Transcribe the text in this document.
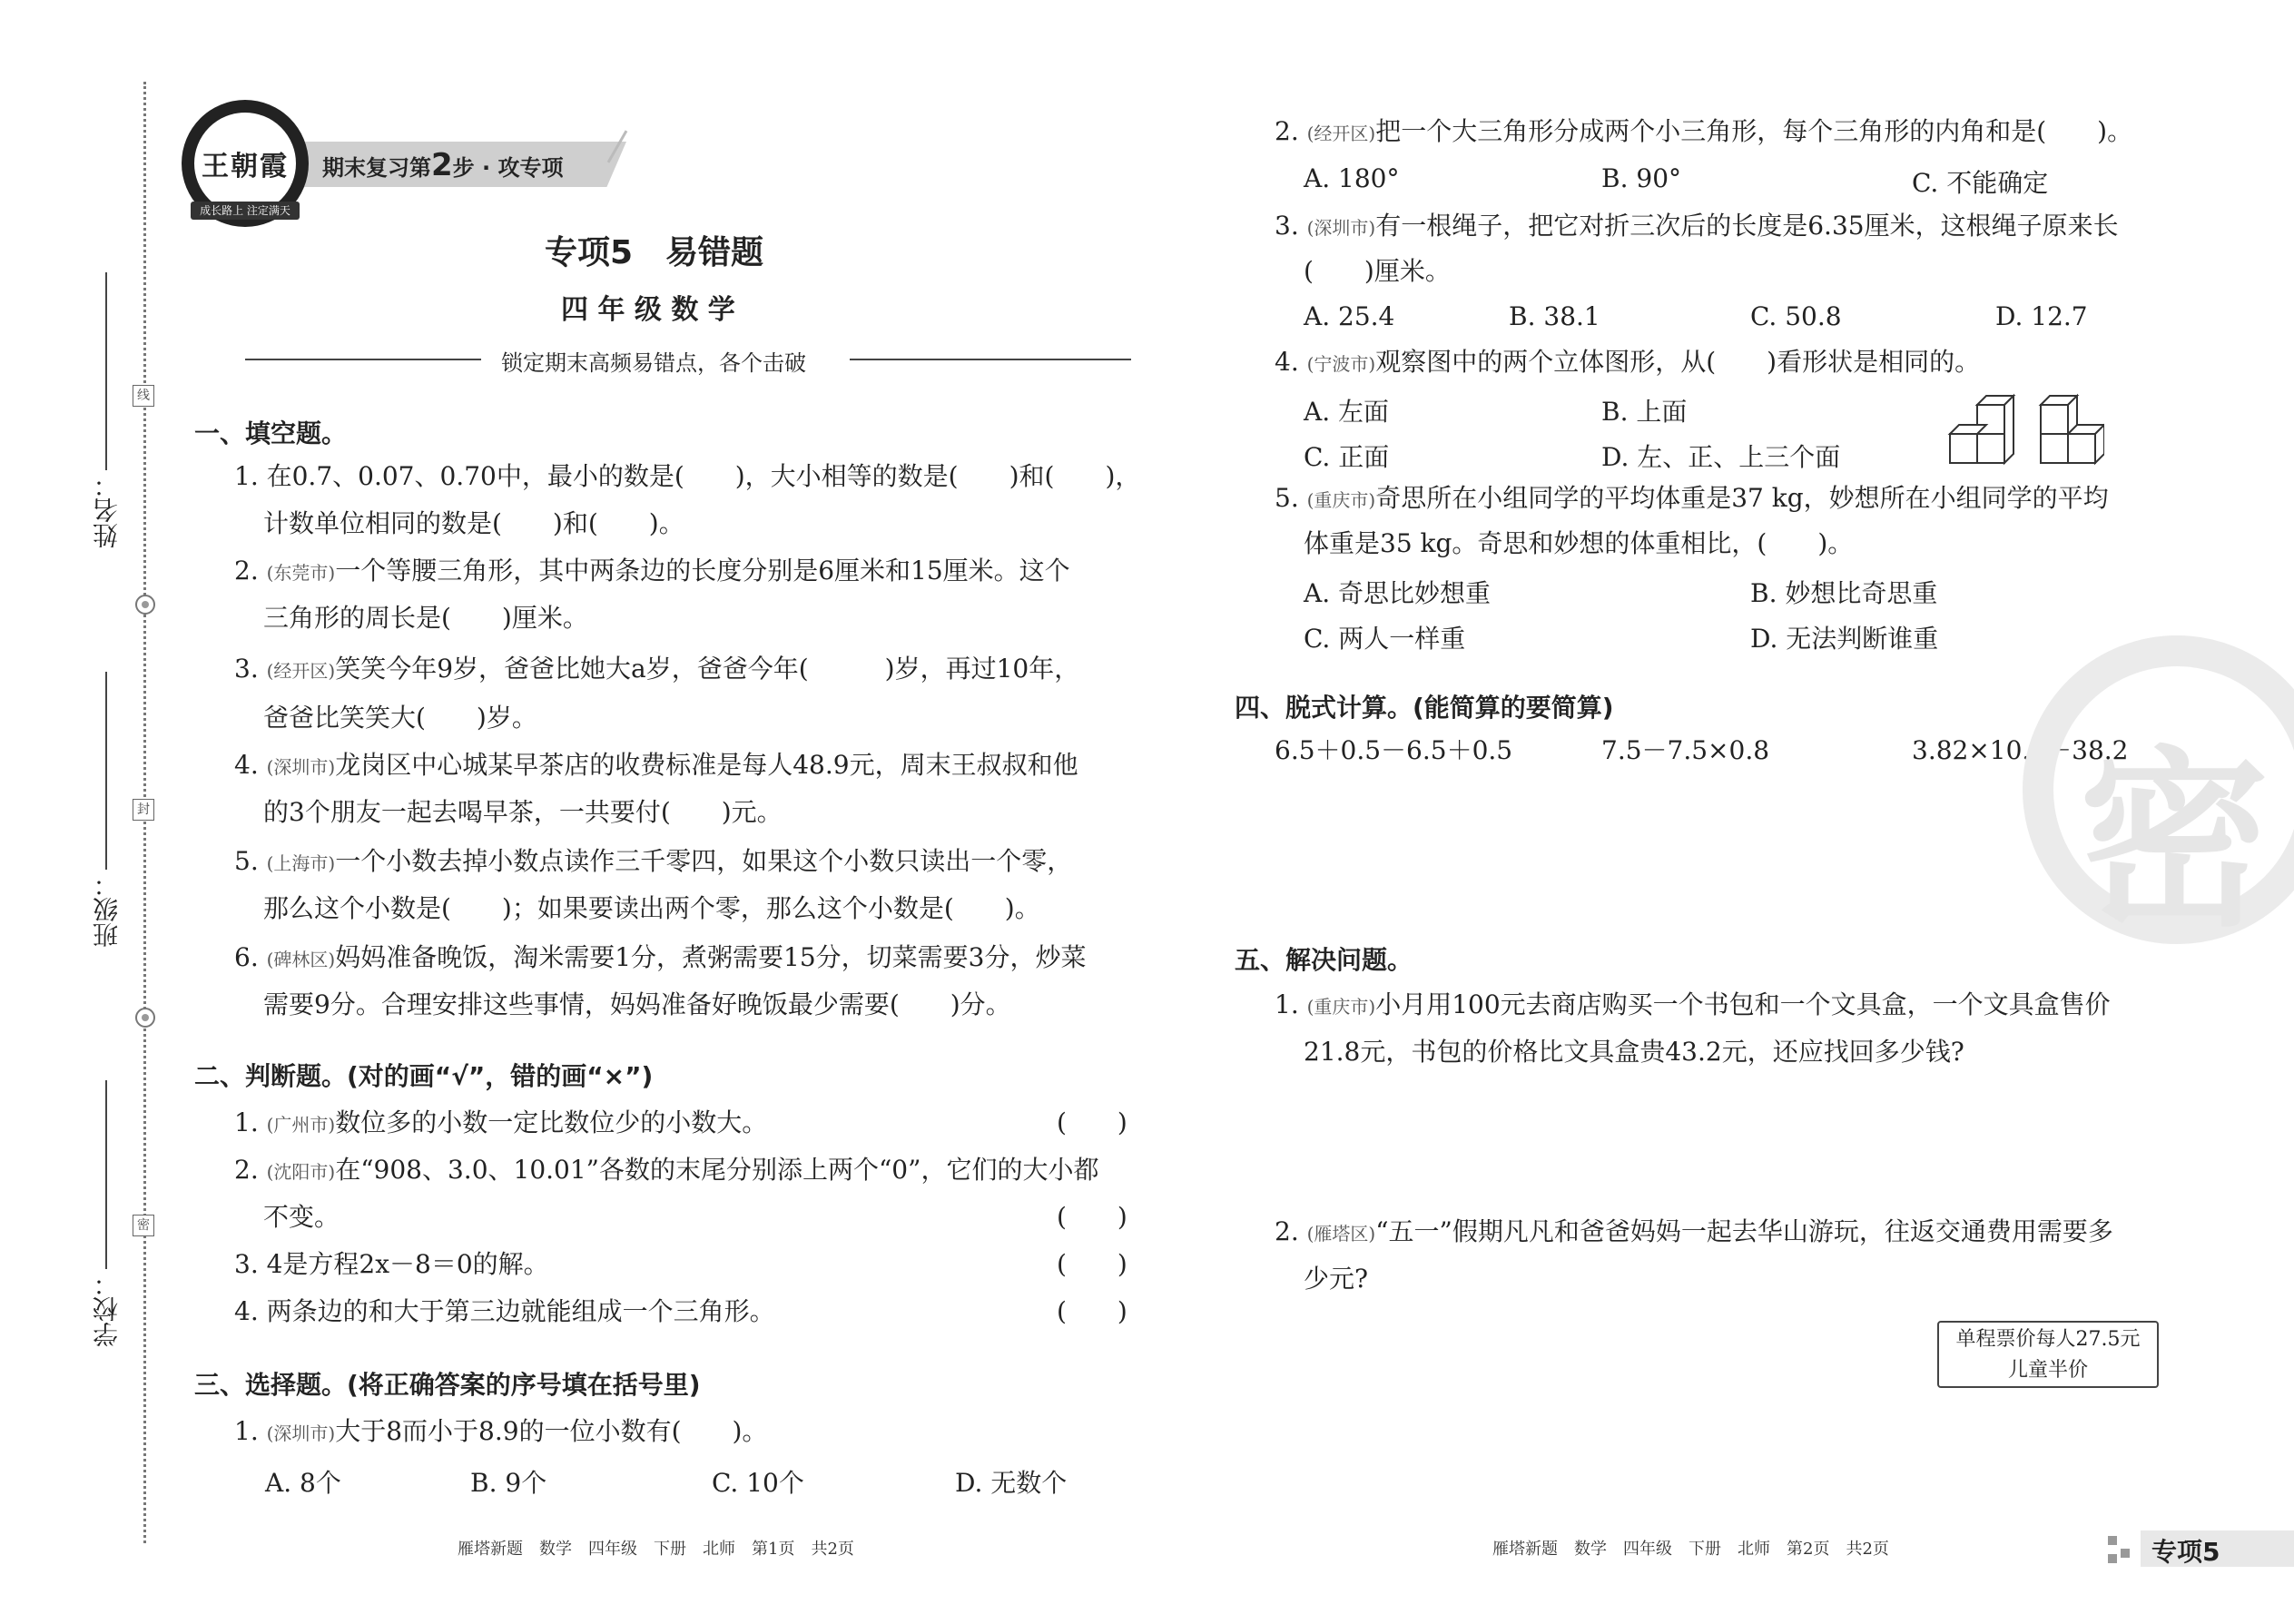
线
封
密
姓名：
班级：
学校：
期末复习第2步 · 攻专项
王朝霞
成长路上 注定满天
专项5　易错题
四 年 级 数 学
锁定期末高频易错点，各个击破
一、填空题。
1. 在0.7、0.07、0.70中，最小的数是(　　)，大小相等的数是(　　)和(　　)，
计数单位相同的数是(　　)和(　　)。
2. (东莞市)一个等腰三角形，其中两条边的长度分别是6厘米和15厘米。这个
三角形的周长是(　　)厘米。
3. (经开区)笑笑今年9岁，爸爸比她大a岁，爸爸今年(　　　)岁，再过10年，
爸爸比笑笑大(　　)岁。
4. (深圳市)龙岗区中心城某早茶店的收费标准是每人48.9元，周末王叔叔和他
的3个朋友一起去喝早茶，一共要付(　　)元。
5. (上海市)一个小数去掉小数点读作三千零四，如果这个小数只读出一个零，
那么这个小数是(　　)；如果要读出两个零，那么这个小数是(　　)。
6. (碑林区)妈妈准备晚饭，淘米需要1分，煮粥需要15分，切菜需要3分，炒菜
需要9分。合理安排这些事情，妈妈准备好晚饭最少需要(　　)分。
二、判断题。(对的画“√”，错的画“×”)
1. (广州市)数位多的小数一定比数位少的小数大。	(　　)
2. (沈阳市)在“908、3.0、10.01”各数的末尾分别添上两个“0”，它们的大小都
不变。	(　　)
3. 4是方程2x－8＝0的解。	(　　)
4. 两条边的和大于第三边就能组成一个三角形。	(　　)
三、选择题。(将正确答案的序号填在括号里)
1. (深圳市)大于8而小于8.9的一位小数有(　　)。
A. 8个	B. 9个	C. 10个	D. 无数个
雁塔新题　数学　四年级　下册　北师　第1页　共2页
2. (经开区)把一个大三角形分成两个小三角形，每个三角形的内角和是(　　)。
A. 180°	B. 90°	C. 不能确定
3. (深圳市)有一根绳子，把它对折三次后的长度是6.35厘米，这根绳子原来长
(　　)厘米。
A. 25.4	B. 38.1	C. 50.8	D. 12.7
4. (宁波市)观察图中的两个立体图形，从(　　)看形状是相同的。
A. 左面	B. 上面
C. 正面	D. 左、正、上三个面
5. (重庆市)奇思所在小组同学的平均体重是37 kg，妙想所在小组同学的平均
体重是35 kg。奇思和妙想的体重相比，(　　)。
A. 奇思比妙想重	B. 妙想比奇思重
C. 两人一样重	D. 无法判断谁重
四、脱式计算。(能简算的要简算)
6.5＋0.5－6.5＋0.5	7.5－7.5×0.8	3.82×10.1－38.2
密
五、解决问题。
1. (重庆市)小月用100元去商店购买一个书包和一个文具盒，一个文具盒售价
21.8元，书包的价格比文具盒贵43.2元，还应找回多少钱?
2. (雁塔区)“五一”假期凡凡和爸爸妈妈一起去华山游玩，往返交通费用需要多
少元?
单程票价每人27.5元
儿童半价
雁塔新题　数学　四年级　下册　北师　第2页　共2页	专项5
